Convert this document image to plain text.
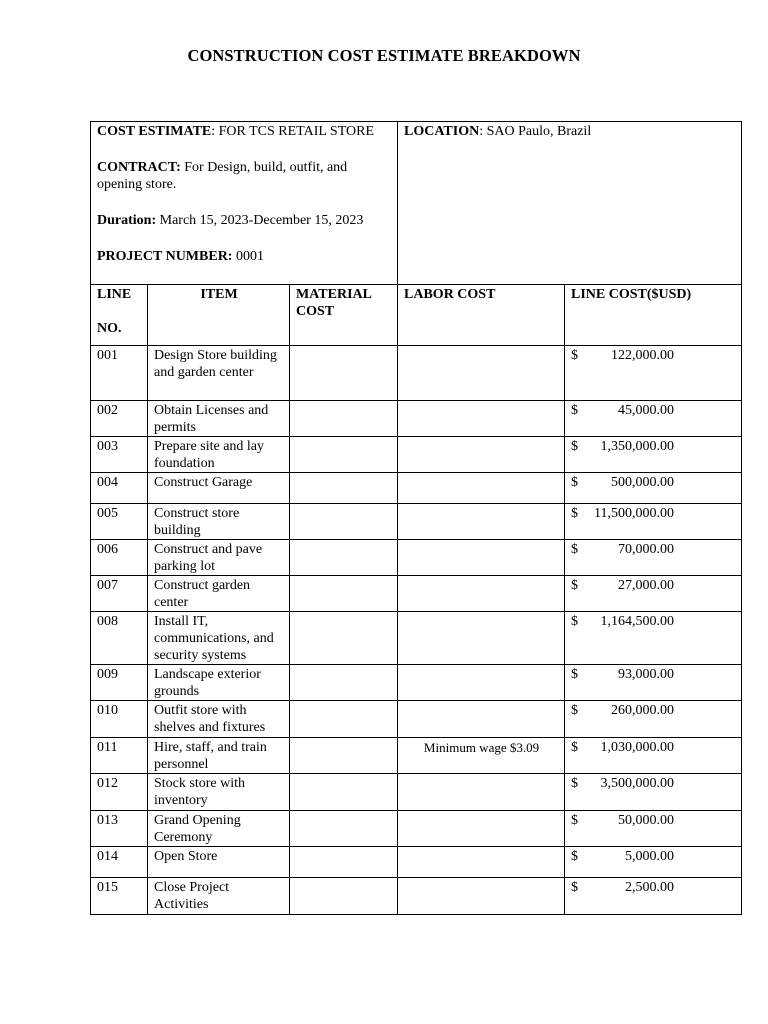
CONSTRUCTION COST ESTIMATE BREAKDOWN

COST ESTIMATE: FOR TCS RETAIL STORE

CONTRACT: For Design, build, outfit, and opening store.

Duration: March 15, 2023-December 15, 2023

PROJECT NUMBER: 0001			LOCATION: SAO Paulo, Brazil	
LINE
NO.	ITEM	MATERIAL COST	LABOR COST	LINE COST($USD)
001	Design Store building and garden center			$ 122,000.00

002	Obtain Licenses and permits			$ 45,000.00

003	Prepare site and lay foundation			$ 1,350,000.00

004	Construct Garage			$ 500,000.00

005	Construct store building			$ 11,500,000.00

006	Construct and pave parking lot			$ 70,000.00

007	Construct garden center			$ 27,000.00

008	Install IT, communications, and security systems			$ 1,164,500.00

009	Landscape exterior grounds			$ 93,000.00

010	Outfit store with shelves and fixtures			$ 260,000.00

011	Hire, staff, and train personnel		Minimum wage $3.09	$ 1,030,000.00

012	Stock store with inventory			$ 3,500,000.00

013	Grand Opening Ceremony			$ 50,000.00

014	Open Store			$ 5,000.00

015	Close Project Activities			$ 2,500.00
